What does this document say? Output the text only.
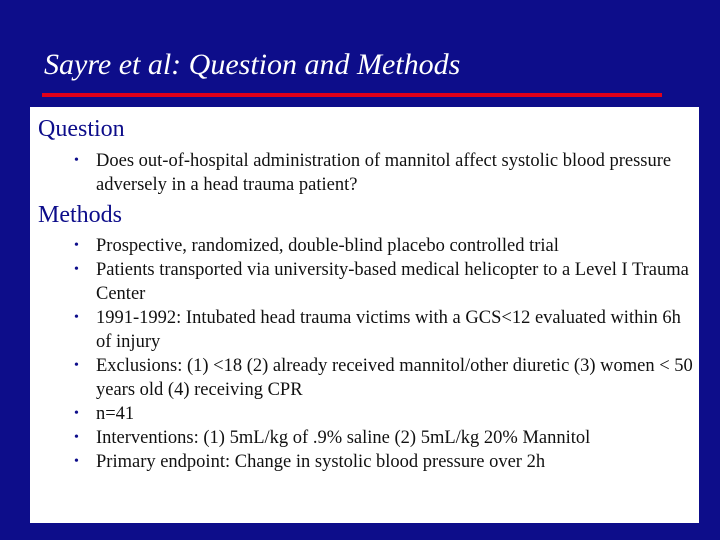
Sayre et al: Question and Methods
Question
• Does out-of-hospital administration of mannitol affect systolic blood pressure adversely in a head trauma patient?
Methods
• Prospective, randomized, double-blind placebo controlled trial
• Patients transported via university-based medical helicopter to a Level I Trauma Center
• 1991-1992: Intubated head trauma victims with a GCS<12 evaluated within 6h of injury
• Exclusions: (1) <18 (2) already received mannitol/other diuretic (3) women < 50 years old (4) receiving CPR
• n=41
• Interventions: (1) 5mL/kg of .9% saline (2) 5mL/kg 20% Mannitol
• Primary endpoint: Change in systolic blood pressure over 2h
